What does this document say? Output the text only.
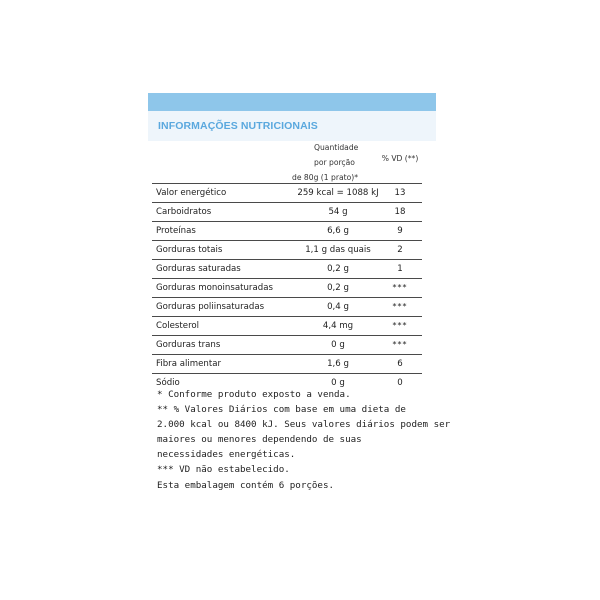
INFORMAÇÕES NUTRICIONAIS
Quantidade
por porção
de 80g (1 prato)*
% VD (**)
Valor energético	259 kcal = 1088 kJ	13
Carboidratos	54 g	18
Proteínas	6,6 g	9
Gorduras totais	1,1 g das quais	2
Gorduras saturadas	0,2 g	1
Gorduras monoinsaturadas	0,2 g	***
Gorduras poliinsaturadas	0,4 g	***
Colesterol	4,4 mg	***
Gorduras trans	0 g	***
Fibra alimentar	1,6 g	6
Sódio	0 g	0
* Conforme produto exposto a venda.
** % Valores Diários com base em uma dieta de
2.000 kcal ou 8400 kJ. Seus valores diários podem ser
maiores ou menores dependendo de suas
necessidades energéticas.
*** VD não estabelecido.
Esta embalagem contém 6 porções.
